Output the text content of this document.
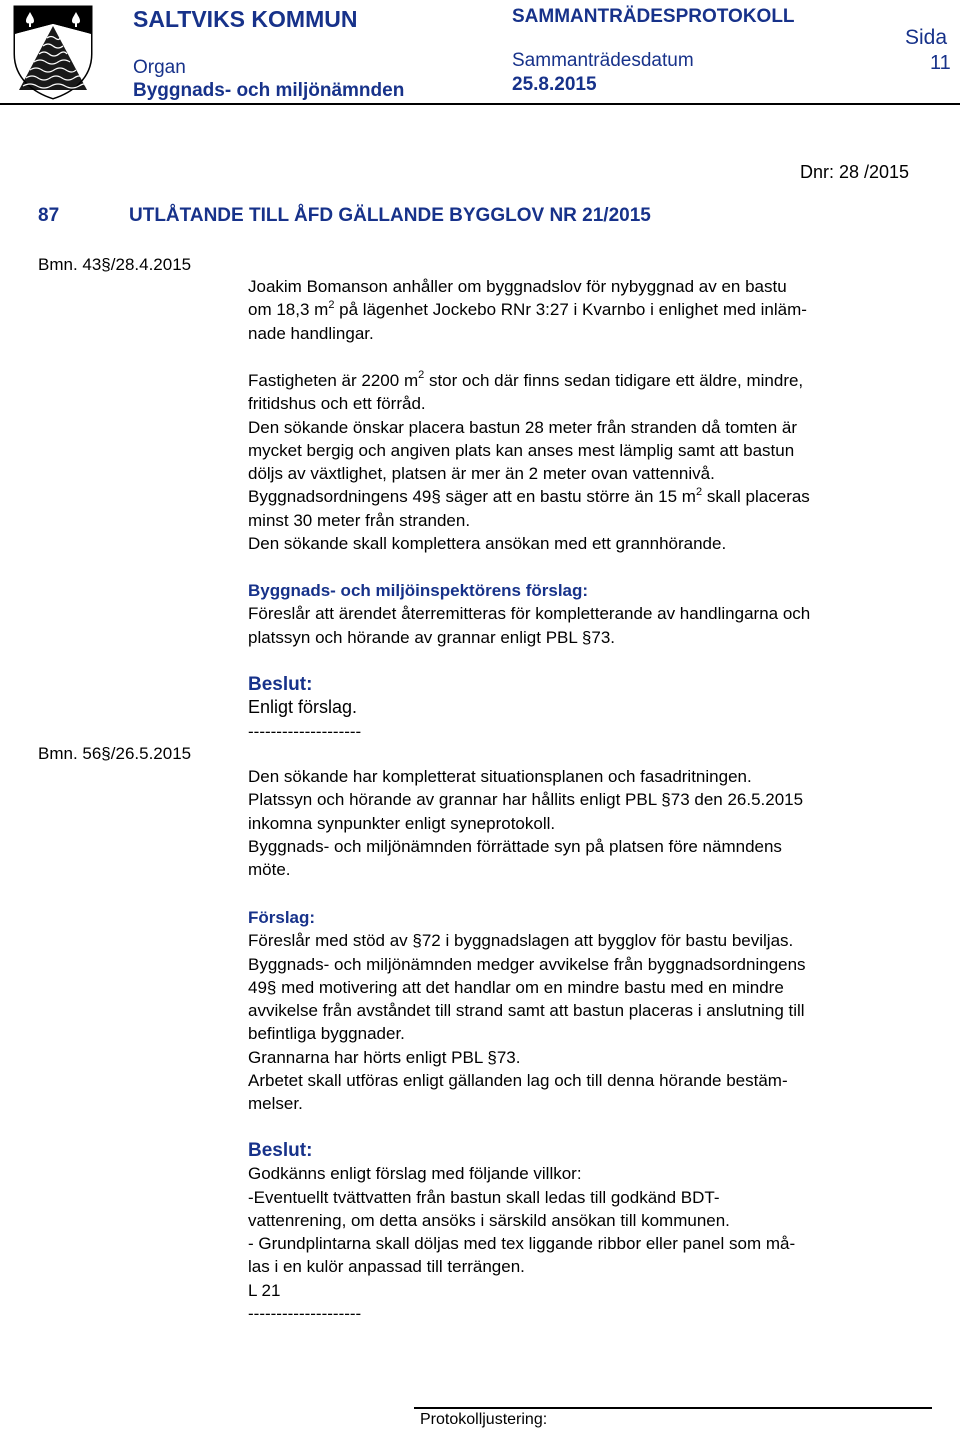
SALTVIKS KOMMUN
Organ
Byggnads- och miljönämnden
SAMMANTRÄDESPROTOKOLL
Sammanträdesdatum
25.8.2015
Sida
11
Dnr: 28 /2015
87	UTLÅTANDE TILL ÅFD GÄLLANDE BYGGLOV NR 21/2015
Bmn. 43§/28.4.2015
Bmn. 56§/26.5.2015

Joakim Bomanson anhåller om byggnadslov för nybyggnad av en bastu

om 18,3 $m^2$ på lägenhet Jockebo RNr 3:27 i Kvarnbo i enlighet med inläm-

nade handlingar.

Fastigheten är 2200 $m^2$ stor och där finns sedan tidigare ett äldre, mindre,

fritidshus och ett förråd.

Den sökande önskar placera bastun 28 meter från stranden då tomten är

mycket bergig och angiven plats kan anses mest lämplig samt att bastun

döljs av växtlighet, platsen är mer än 2 meter ovan vattennivå.

Byggnadsordningens 49§ säger att en bastu större än 15 $m^2$ skall placeras

minst 30 meter från stranden.

Den sökande skall komplettera ansökan med ett grannhörande.

Byggnads- och miljöinspektörens förslag:

Föreslår att ärendet återremitteras för kompletterande av handlingarna och

platssyn och hörande av grannar enligt PBL §73.

Beslut:

Enligt förslag.

--------------------

Den sökande har kompletterat situationsplanen och fasadritningen.

Platssyn och hörande av grannar har hållits enligt PBL §73 den 26.5.2015

inkomna synpunkter enligt syneprotokoll.

Byggnads- och miljönämnden förrättade syn på platsen före nämndens

möte.

Förslag:

Föreslår med stöd av §72 i byggnadslagen att bygglov för bastu beviljas.

Byggnads- och miljönämnden medger avvikelse från byggnadsordningens

49§ med motivering att det handlar om en mindre bastu med en mindre

avvikelse från avståndet till strand samt att bastun placeras i anslutning till

befintliga byggnader.

Grannarna har hörts enligt PBL §73.

Arbetet skall utföras enligt gällanden lag och till denna hörande bestäm-

melser.

Beslut:

Godkänns enligt förslag med följande villkor:

-Eventuellt tvättvatten från bastun skall ledas till godkänd BDT-

vattenrening, om detta ansöks i särskild ansökan till kommunen.

- Grundplintarna skall döljas med tex liggande ribbor eller panel som må-

las i en kulör anpassad till terrängen.

L 21

--------------------

Protokolljustering:
